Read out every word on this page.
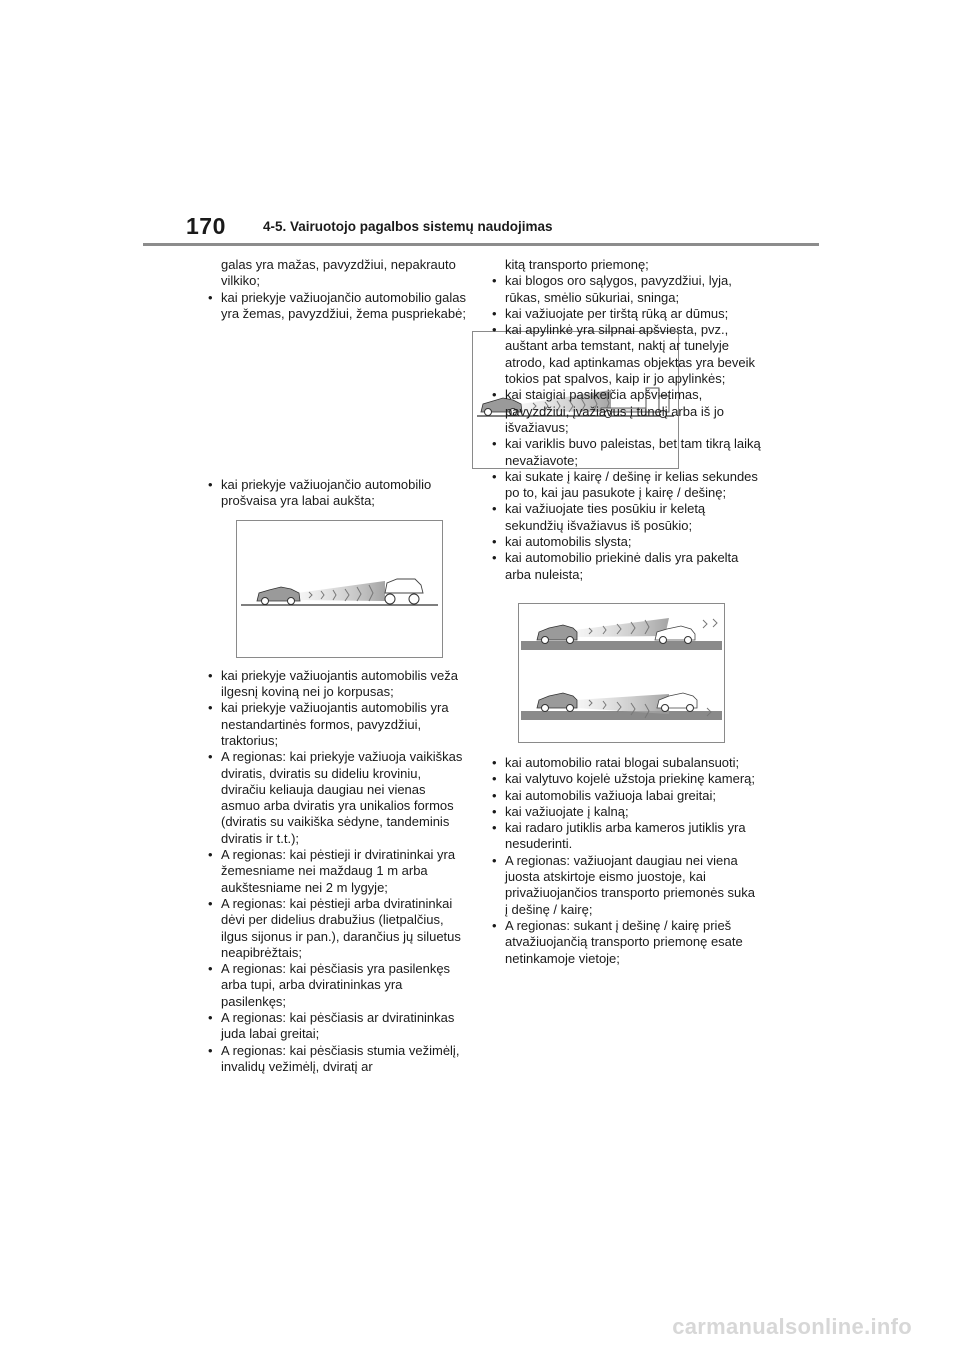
170	4-5. Vairuotojo pagalbos sistemų naudojimas
galas yra mažas, pavyzdžiui, nepakrauto vilkiko;
• kai priekyje važiuojančio automobilio galas yra žemas, pavyzdžiui, žema puspriekabė;
• kai priekyje važiuojančio automobilio prošvaisa yra labai aukšta;
• kai priekyje važiuojantis automobilis veža ilgesnį koviną nei jo korpusas;
• kai priekyje važiuojantis automobilis yra nestandartinės formos, pavyzdžiui, traktorius;
• A regionas: kai priekyje važiuoja vaikiškas dviratis, dviratis su dideliu kroviniu, dviračiu keliauja daugiau nei vienas asmuo arba dviratis yra unikalios formos (dviratis su vaikiška sėdyne, tandeminis dviratis ir t.t.);
• A regionas: kai pėstieji ir dviratininkai yra žemesniame nei maždaug 1 m arba aukštesniame nei 2 m lygyje;
• A regionas: kai pėstieji arba dviratininkai dėvi per didelius drabužius (lietpalčius, ilgus sijonus ir pan.), darančius jų siluetus neapibrėžtais;
• A regionas: kai pėsčiasis yra pasilenkęs arba tupi, arba dviratininkas yra pasilenkęs;
• A regionas: kai pėsčiasis ar dviratininkas juda labai greitai;
• A regionas: kai pėsčiasis stumia vežimėlį, invalidų vežimėlį, dviratį ar
kitą transporto priemonę;
• kai blogos oro sąlygos, pavyzdžiui, lyja, rūkas, smėlio sūkuriai, sninga;
• kai važiuojate per tirštą rūką ar dūmus;
• kai apylinkė yra silpnai apšviesta, pvz., auštant arba temstant, naktį ar tunelyje atrodo, kad aptinkamas objektas yra beveik tokios pat spalvos, kaip ir jo apylinkės;
• kai staigiai pasikeičia apšvietimas, pavyzdžiui, įvažiavus į tunelį arba iš jo išvažiavus;
• kai variklis buvo paleistas, bet tam tikrą laiką nevažiavote;
• kai sukate į kairę / dešinę ir kelias sekundes po to, kai jau pasukote į kairę / dešinę;
• kai važiuojate ties posūkiu ir keletą sekundžių išvažiavus iš posūkio;
• kai automobilis slysta;
• kai automobilio priekinė dalis yra pakelta arba nuleista;
• kai automobilio ratai blogai subalansuoti;
• kai valytuvo kojelė užstoja priekinę kamerą;
• kai automobilis važiuoja labai greitai;
• kai važiuojate į kalną;
• kai radaro jutiklis arba kameros jutiklis yra nesuderinti.
• A regionas: važiuojant daugiau nei viena juosta atskirtoje eismo juostoje, kai privažiuojančios transporto priemonės suka į dešinę / kairę;
• A regionas: sukant į dešinę / kairę prieš atvažiuojančią transporto priemonę esate netinkamoje vietoje;
carmanualsonline.info
